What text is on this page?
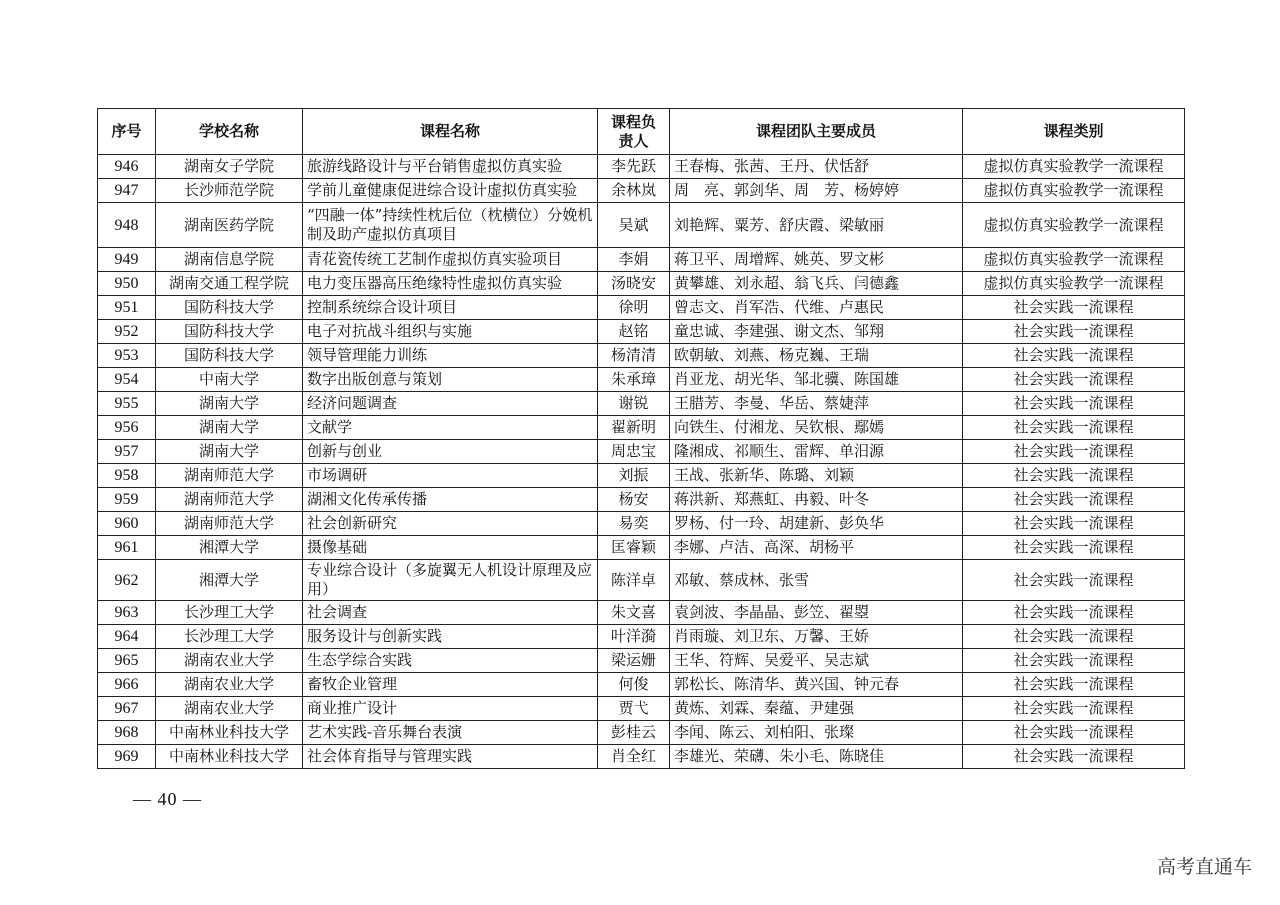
序号	学校名称	课程名称	课程负责人	课程团队主要成员	课程类别
946	湖南女子学院	旅游线路设计与平台销售虚拟仿真实验	李先跃	王春梅、张茜、王丹、伏恬舒	虚拟仿真实验教学一流课程
947	长沙师范学院	学前儿童健康促进综合设计虚拟仿真实验	余林岚	周　亮、郭剑华、周　芳、杨婷婷	虚拟仿真实验教学一流课程
948	湖南医药学院	“四融一体”持续性枕后位（枕横位）分娩机制及助产虚拟仿真项目	吴斌	刘艳辉、粟芳、舒庆霞、梁敏丽	虚拟仿真实验教学一流课程
949	湖南信息学院	青花瓷传统工艺制作虚拟仿真实验项目	李娟	蒋卫平、周增辉、姚英、罗文彬	虚拟仿真实验教学一流课程
950	湖南交通工程学院	电力变压器高压绝缘特性虚拟仿真实验	汤晓安	黄攀雄、刘永超、翁飞兵、闫德鑫	虚拟仿真实验教学一流课程
951	国防科技大学	控制系统综合设计项目	徐明	曾志文、肖军浩、代维、卢惠民	社会实践一流课程
952	国防科技大学	电子对抗战斗组织与实施	赵铭	童忠诚、李建强、谢文杰、邹翔	社会实践一流课程
953	国防科技大学	领导管理能力训练	杨清清	欧朝敏、刘燕、杨克巍、王瑞	社会实践一流课程
954	中南大学	数字出版创意与策划	朱承璋	肖亚龙、胡光华、邹北骥、陈国雄	社会实践一流课程
955	湖南大学	经济问题调查	谢锐	王腊芳、李曼、华岳、蔡婕萍	社会实践一流课程
956	湖南大学	文献学	翟新明	向铁生、付湘龙、吴钦根、鄢嫣	社会实践一流课程
957	湖南大学	创新与创业	周忠宝	隆湘成、祁顺生、雷辉、单汨源	社会实践一流课程
958	湖南师范大学	市场调研	刘振	王战、张新华、陈璐、刘颖	社会实践一流课程
959	湖南师范大学	湖湘文化传承传播	杨安	蒋洪新、郑燕虹、冉毅、叶冬	社会实践一流课程
960	湖南师范大学	社会创新研究	易奕	罗杨、付一玲、胡建新、彭奂华	社会实践一流课程
961	湘潭大学	摄像基础	匡睿颖	李娜、卢洁、高深、胡杨平	社会实践一流课程
962	湘潭大学	专业综合设计（多旋翼无人机设计原理及应用）	陈洋卓	邓敏、蔡成林、张雪	社会实践一流课程
963	长沙理工大学	社会调查	朱文喜	袁剑波、李晶晶、彭笠、翟曌	社会实践一流课程
964	长沙理工大学	服务设计与创新实践	叶洋漪	肖雨璇、刘卫东、万馨、王娇	社会实践一流课程
965	湖南农业大学	生态学综合实践	梁运姗	王华、符辉、吴爱平、吴志斌	社会实践一流课程
966	湖南农业大学	畜牧企业管理	何俊	郭松长、陈清华、黄兴国、钟元春	社会实践一流课程
967	湖南农业大学	商业推广设计	贾弋	黄炼、刘霖、秦蕴、尹建强	社会实践一流课程
968	中南林业科技大学	艺术实践-音乐舞台表演	彭桂云	李闻、陈云、刘柏阳、张璨	社会实践一流课程
969	中南林业科技大学	社会体育指导与管理实践	肖全红	李雄光、荣礴、朱小毛、陈晓佳	社会实践一流课程
— 40 —
高考直通车
